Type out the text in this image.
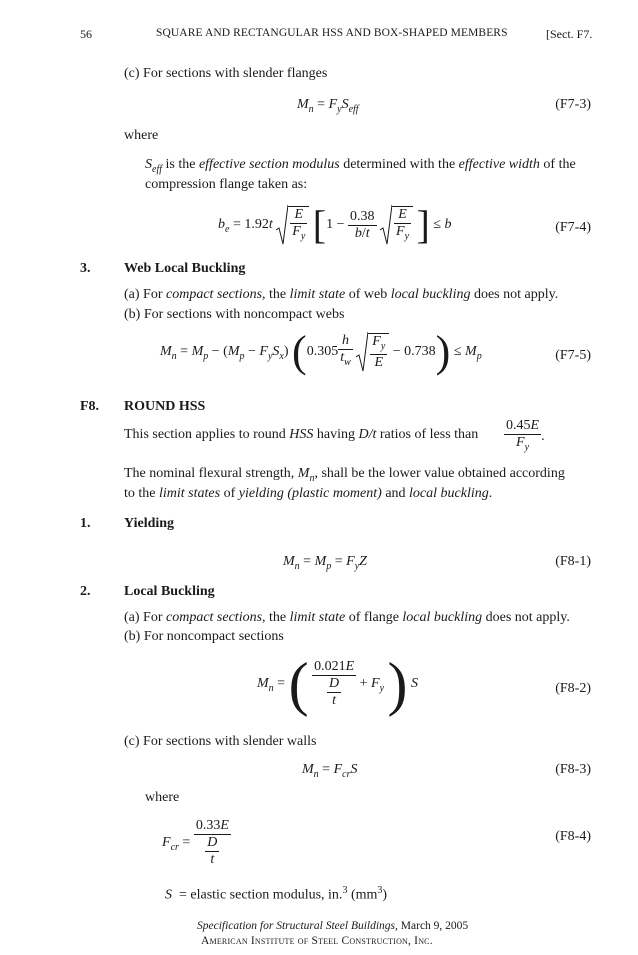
56	SQUARE AND RECTANGULAR HSS AND BOX-SHAPED MEMBERS	[Sect. F7.
(c) For sections with slender flanges
$M_n = F_yS_{eff}$	(F7-3)
where
$S_{eff}$ is the effective section modulus determined with the effective width of the
compression flange taken as:
$b_e = 1.92t \frac{E}{F_y} [1 - \frac{0.38}{b/t}$
$\frac{E}{F_y}$ ] ≤ b	(F7-4)
3. Web Local Buckling
(a) For compact sections, the limit state of web local buckling does not apply.
(b) For sections with noncompact webs
$M_n = M_p - (M_p - F_yS_x)$ ($0.305 \frac{h}{t_w}$
$\frac{F_y}{E} - 0.738) \le M_p$	(F7-5)
F8. ROUND HSS
This section applies to round HSS having D/t ratios of less than $\frac{0.45E}{F_y}$ .
The nominal flexural strength, $M_n$, shall be the lower value obtained according
to the limit states of yielding (plastic moment) and local buckling.
1. Yielding
$M_n = M_p = F_yZ$	(F8-1)
2. Local Buckling
(a) For compact sections, the limit state of flange local buckling does not apply.
(b) For noncompact sections
$M_n$ = ( $\frac{0.021E}{\frac{D}{t}} + F_y$ ) S	(F8-2)
(c) For sections with slender walls
$M_n = F_{cr}S$	(F8-3)
where
$F_{cr} = \frac{0.33E}{\frac{D}{t}}$	(F8-4)
S = elastic section modulus, in.$^3$ $(mm^3)$
Specification for Structural Steel Buildings, March 9, 2005
American Institute of Steel Construction, Inc.
